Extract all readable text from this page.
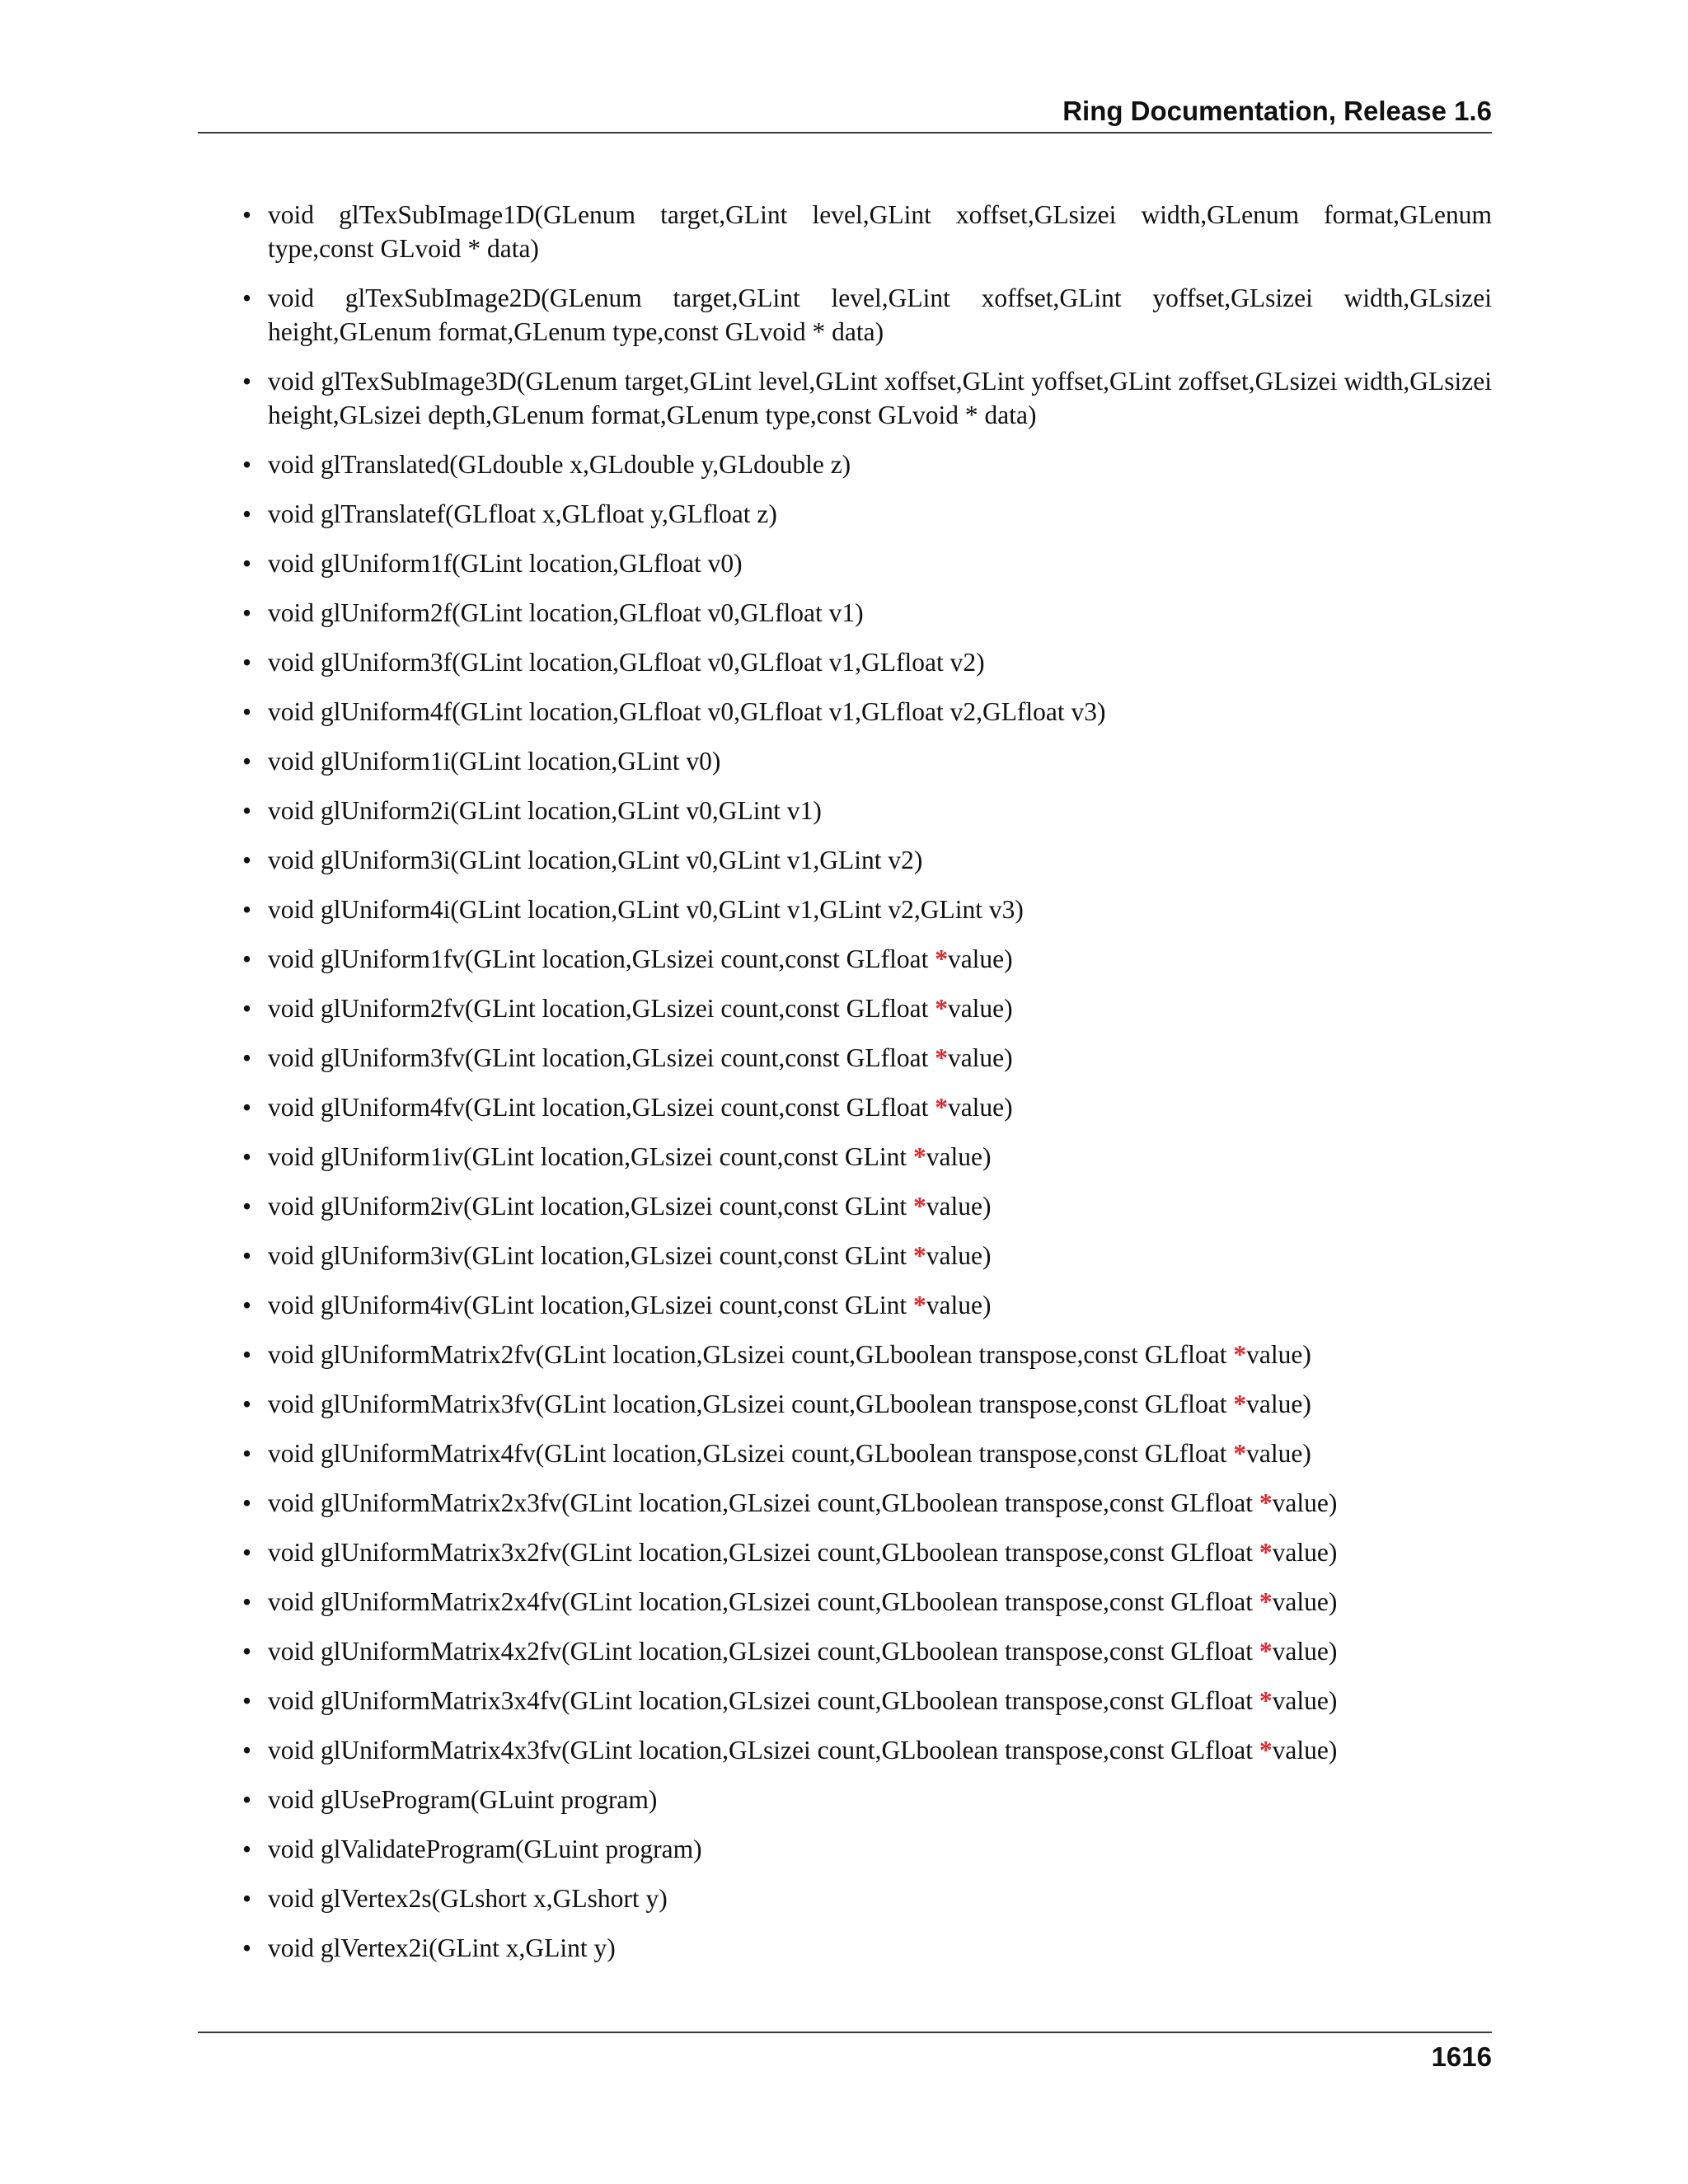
Ring Documentation, Release 1.6
• void glTexSubImage1D(GLenum target,GLint level,GLint xoffset,GLsizei width,GLenum format,GLenum type,const GLvoid * data)
• void glTexSubImage2D(GLenum target,GLint level,GLint xoffset,GLint yoffset,GLsizei width,GLsizei height,GLenum format,GLenum type,const GLvoid * data)
• void glTexSubImage3D(GLenum target,GLint level,GLint xoffset,GLint yoffset,GLint zoffset,GLsizei width,GLsizei height,GLsizei depth,GLenum format,GLenum type,const GLvoid * data)
• void glTranslated(GLdouble x,GLdouble y,GLdouble z)
• void glTranslatef(GLfloat x,GLfloat y,GLfloat z)
• void glUniform1f(GLint location,GLfloat v0)
• void glUniform2f(GLint location,GLfloat v0,GLfloat v1)
• void glUniform3f(GLint location,GLfloat v0,GLfloat v1,GLfloat v2)
• void glUniform4f(GLint location,GLfloat v0,GLfloat v1,GLfloat v2,GLfloat v3)
• void glUniform1i(GLint location,GLint v0)
• void glUniform2i(GLint location,GLint v0,GLint v1)
• void glUniform3i(GLint location,GLint v0,GLint v1,GLint v2)
• void glUniform4i(GLint location,GLint v0,GLint v1,GLint v2,GLint v3)
• void glUniform1fv(GLint location,GLsizei count,const GLfloat *value)
• void glUniform2fv(GLint location,GLsizei count,const GLfloat *value)
• void glUniform3fv(GLint location,GLsizei count,const GLfloat *value)
• void glUniform4fv(GLint location,GLsizei count,const GLfloat *value)
• void glUniform1iv(GLint location,GLsizei count,const GLint *value)
• void glUniform2iv(GLint location,GLsizei count,const GLint *value)
• void glUniform3iv(GLint location,GLsizei count,const GLint *value)
• void glUniform4iv(GLint location,GLsizei count,const GLint *value)
• void glUniformMatrix2fv(GLint location,GLsizei count,GLboolean transpose,const GLfloat *value)
• void glUniformMatrix3fv(GLint location,GLsizei count,GLboolean transpose,const GLfloat *value)
• void glUniformMatrix4fv(GLint location,GLsizei count,GLboolean transpose,const GLfloat *value)
• void glUniformMatrix2x3fv(GLint location,GLsizei count,GLboolean transpose,const GLfloat *value)
• void glUniformMatrix3x2fv(GLint location,GLsizei count,GLboolean transpose,const GLfloat *value)
• void glUniformMatrix2x4fv(GLint location,GLsizei count,GLboolean transpose,const GLfloat *value)
• void glUniformMatrix4x2fv(GLint location,GLsizei count,GLboolean transpose,const GLfloat *value)
• void glUniformMatrix3x4fv(GLint location,GLsizei count,GLboolean transpose,const GLfloat *value)
• void glUniformMatrix4x3fv(GLint location,GLsizei count,GLboolean transpose,const GLfloat *value)
• void glUseProgram(GLuint program)
• void glValidateProgram(GLuint program)
• void glVertex2s(GLshort x,GLshort y)
• void glVertex2i(GLint x,GLint y)
1616
